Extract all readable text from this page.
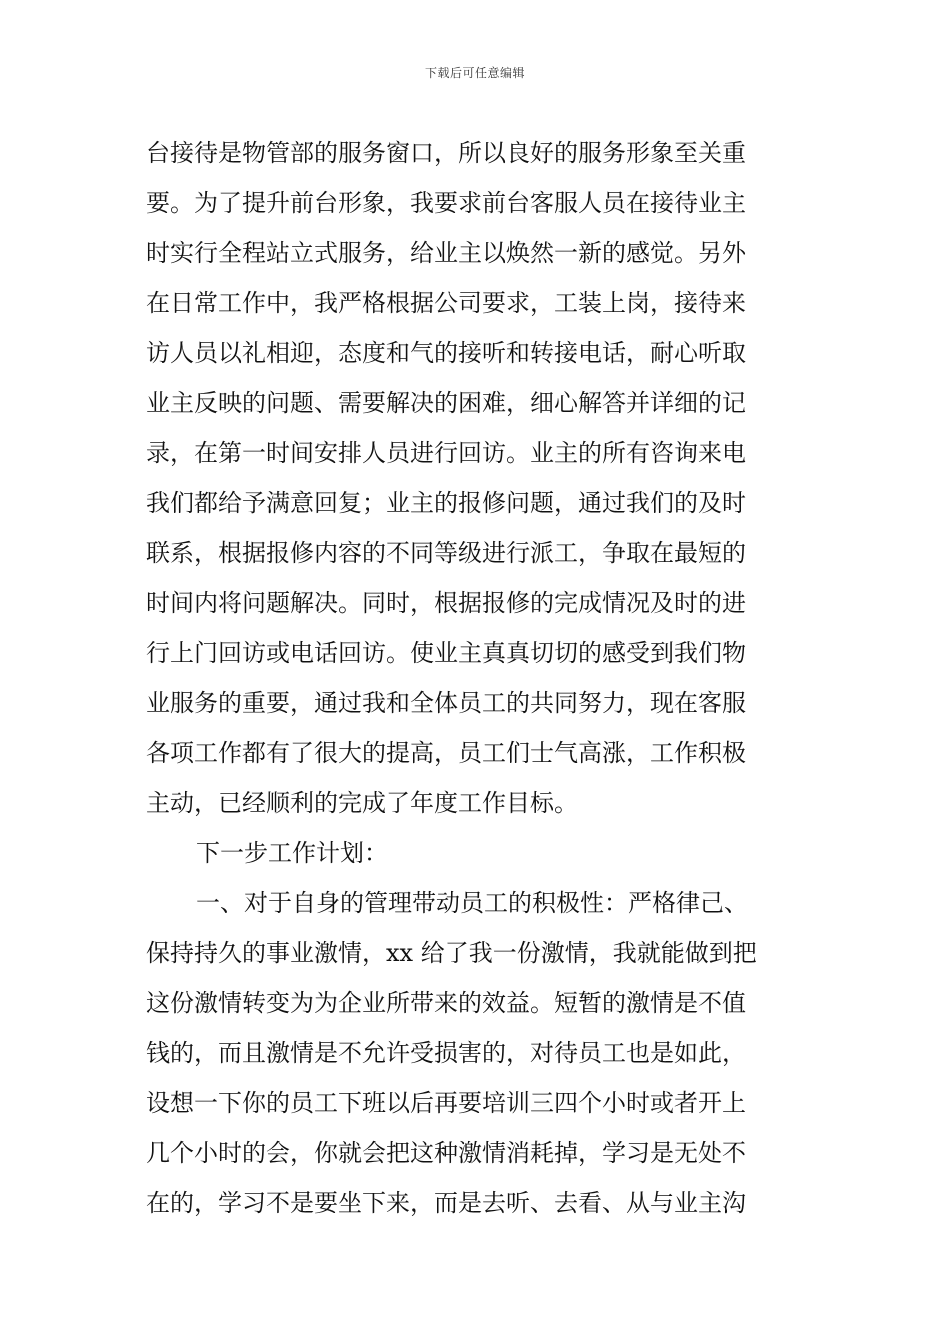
下载后可任意编辑
台接待是物管部的服务窗口，所以良好的服务形象至关重
要。为了提升前台形象，我要求前台客服人员在接待业主
时实行全程站立式服务，给业主以焕然一新的感觉。另外
在日常工作中，我严格根据公司要求，工装上岗，接待来
访人员以礼相迎，态度和气的接听和转接电话，耐心听取
业主反映的问题、需要解决的困难，细心解答并详细的记
录，在第一时间安排人员进行回访。业主的所有咨询来电
我们都给予满意回复；业主的报修问题，通过我们的及时
联系，根据报修内容的不同等级进行派工，争取在最短的
时间内将问题解决。同时，根据报修的完成情况及时的进
行上门回访或电话回访。使业主真真切切的感受到我们物
业服务的重要，通过我和全体员工的共同努力，现在客服
各项工作都有了很大的提高，员工们士气高涨，工作积极
主动，已经顺利的完成了年度工作目标。
下一步工作计划：
一、对于自身的管理带动员工的积极性：严格律己、
保持持久的事业激情，xx 给了我一份激情，我就能做到把
这份激情转变为为企业所带来的效益。短暂的激情是不值
钱的，而且激情是不允许受损害的，对待员工也是如此，
设想一下你的员工下班以后再要培训三四个小时或者开上
几个小时的会，你就会把这种激情消耗掉，学习是无处不
在的，学习不是要坐下来，而是去听、去看、从与业主沟
